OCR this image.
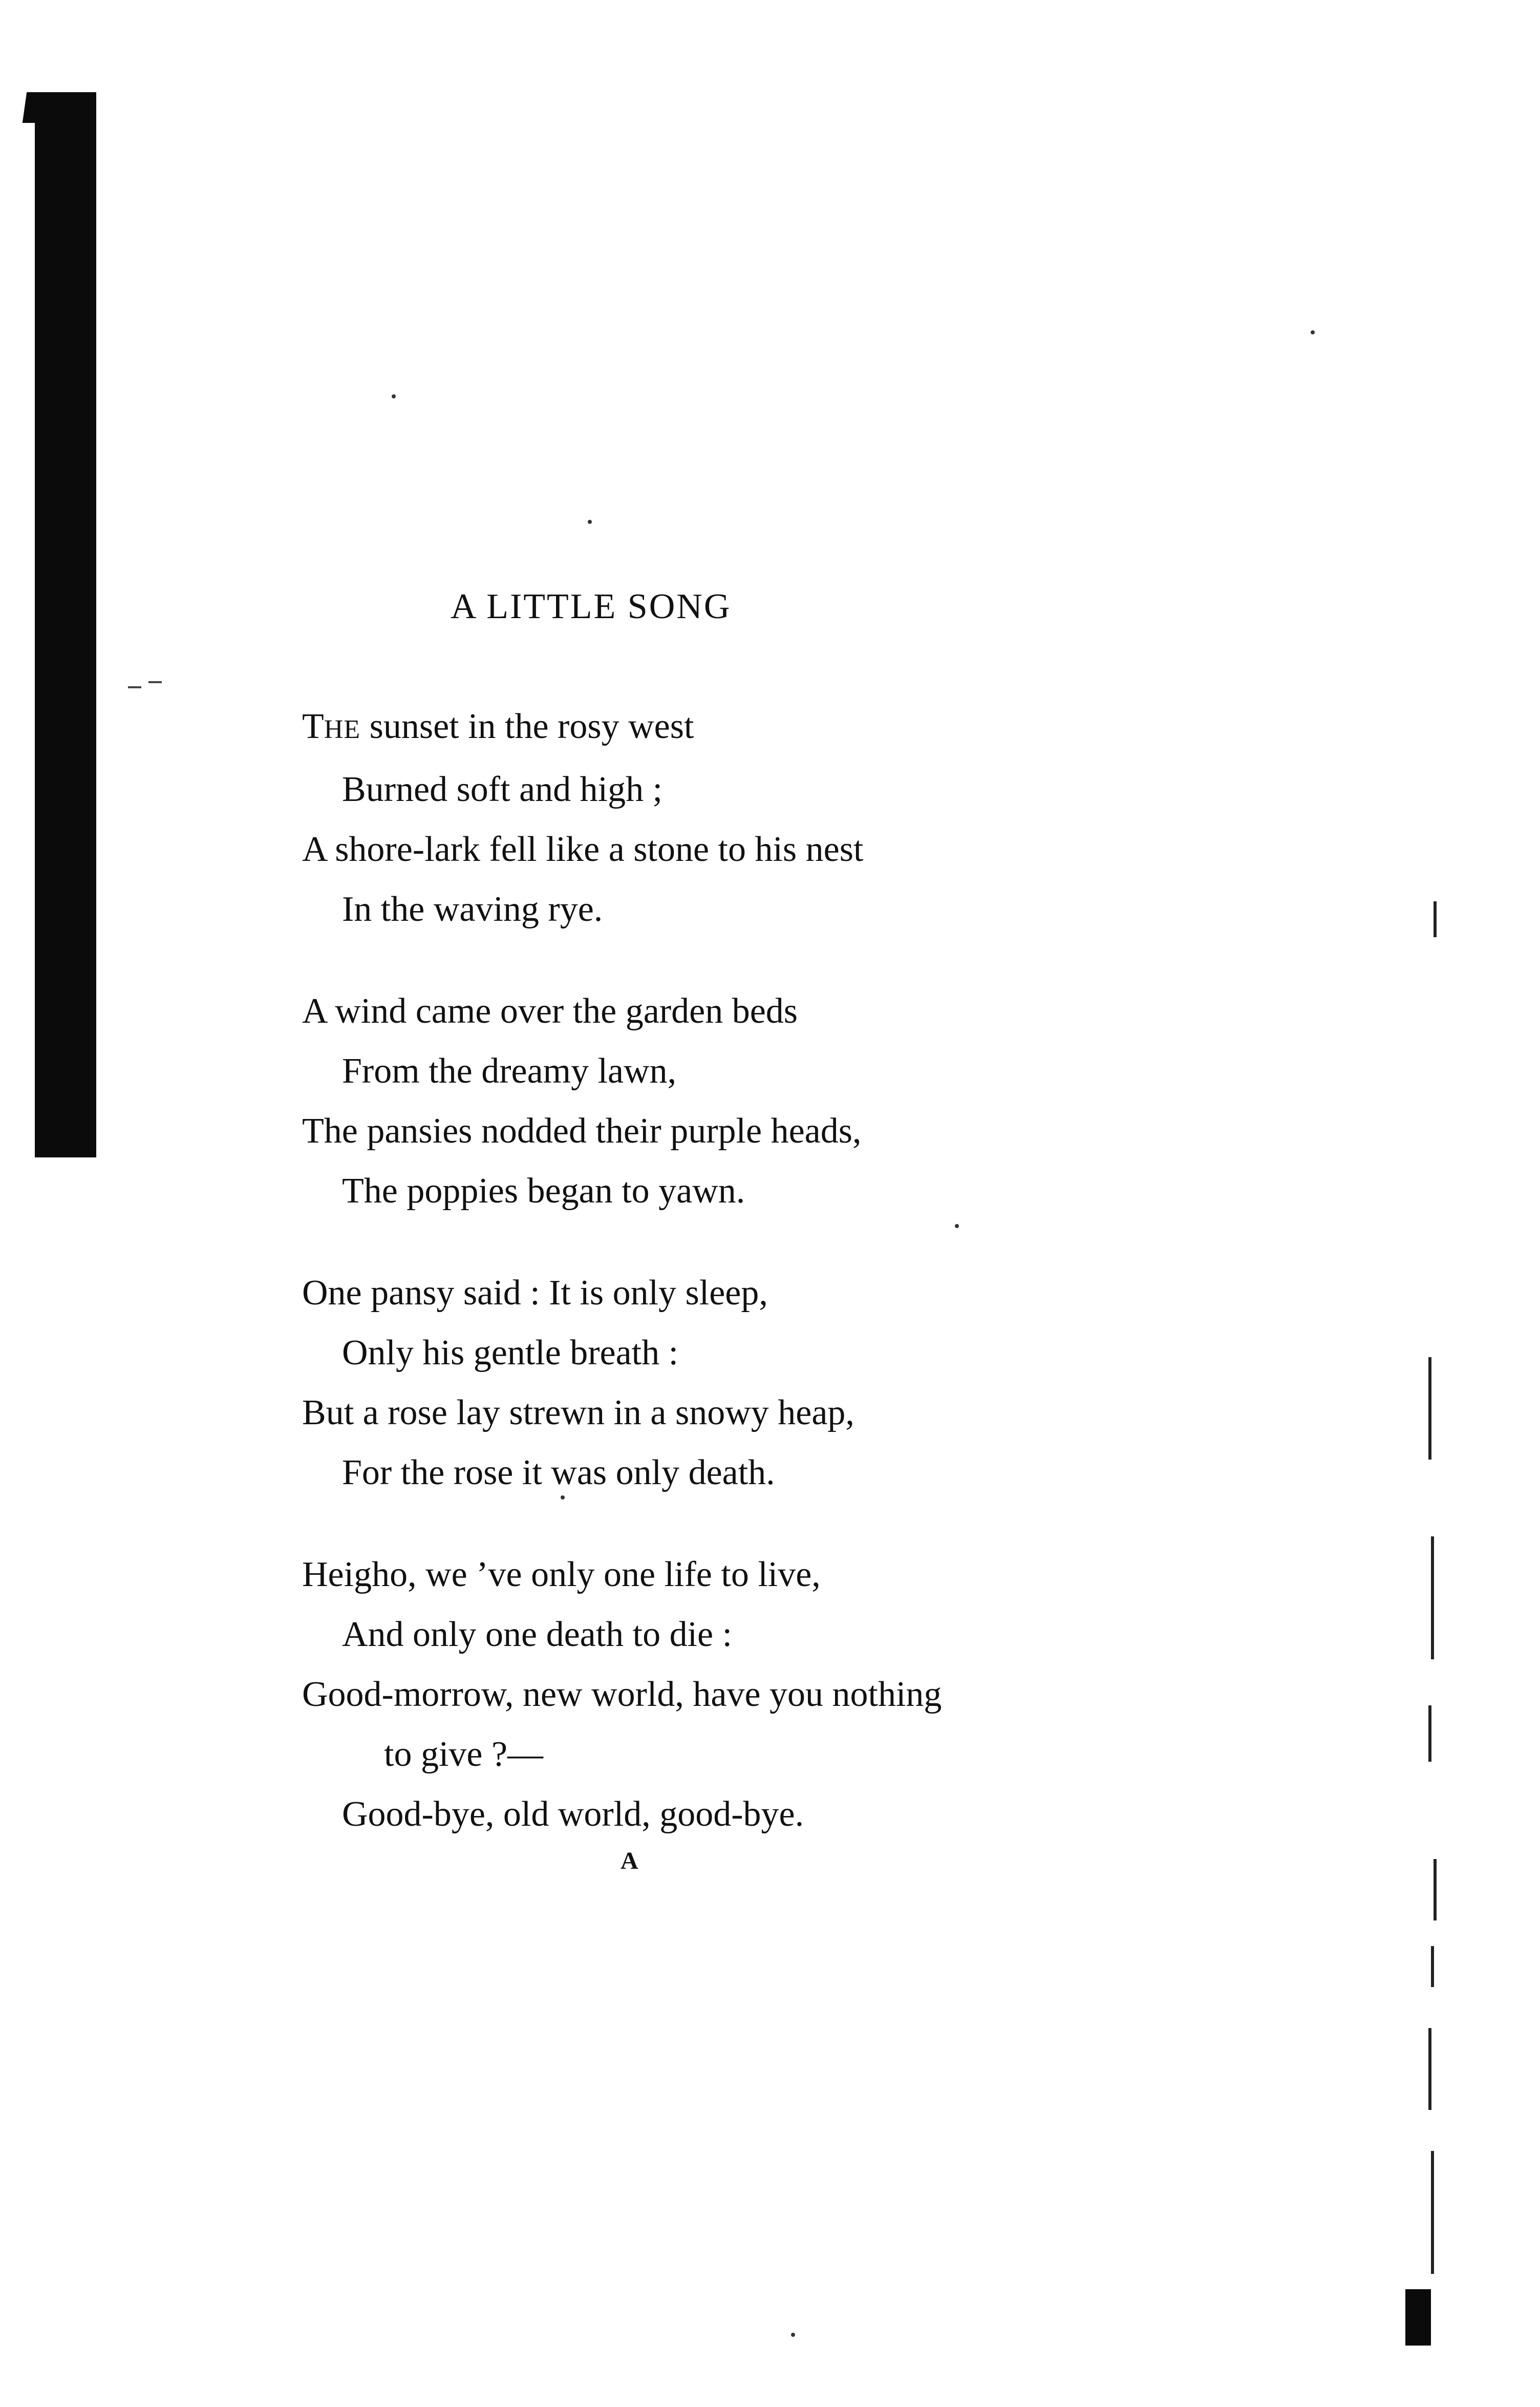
A LITTLE SONG
THE sunset in the rosy west
Burned soft and high ;
A shore-lark fell like a stone to his nest
In the waving rye.
A wind came over the garden beds
From the dreamy lawn,
The pansies nodded their purple heads,
The poppies began to yawn.
One pansy said : It is only sleep,
Only his gentle breath :
But a rose lay strewn in a snowy heap,
For the rose it was only death.
Heigho, we ’ve only one life to live,
And only one death to die :
Good-morrow, new world, have you nothing
to give ?—
Good-bye, old world, good-bye.
A
